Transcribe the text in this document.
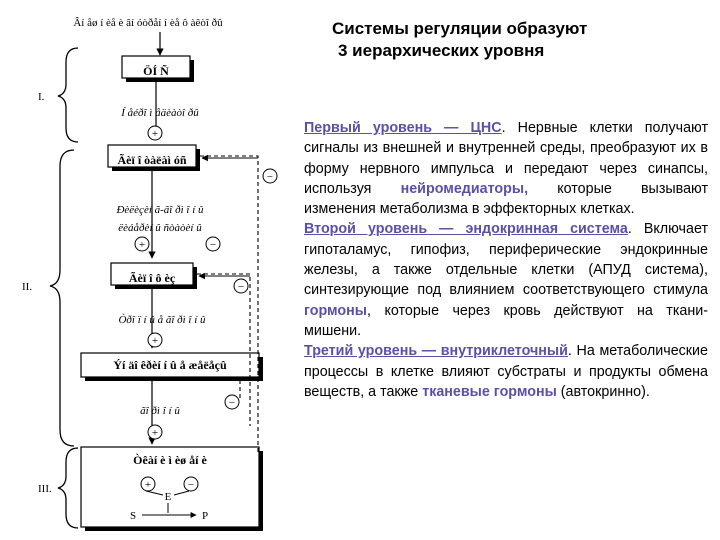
Âí åø í èå è âí óòðåí í èå ô àêòî ðû
ÖÍ Ñ
Í åéðî ì åäèàòî ðû
+
Ãèï î òàëàì óñ
Ðèëèçèí ã-ãî ðì î í û
ëèáåðèí û ñòàòèí û
+	−
Ãèï î ô èç
Òðî ï í û å ãî ðì î í û
+
Ýí äî êðèí í û å æåëåçû
ãî ðì î í û
+
Òêàí è ì èø åí è
+	−
E
S	P
−
−
−
I.
II.
III.
Системы регуляции образуют
3 иерархических уровня

Первый уровень — ЦНС. Нервные клетки получают сигналы из внешней и внутренней среды, преобразуют их в форму нервного импульса и передают через синапсы, используя нейромедиаторы, которые вызывают изменения метаболизма в эффекторных клетках.

Второй уровень — эндокринная система. Включает гипоталамус, гипофиз, периферические эндокринные железы, а также отдельные клетки (АПУД система), синтезирующие под влиянием соответствующего стимула гормоны, которые через кровь действуют на ткани-мишени.

Третий уровень — внутриклеточный. На метаболические процессы в клетке влияют субстраты и продукты обмена веществ, а также тканевые гормоны (автокринно).
